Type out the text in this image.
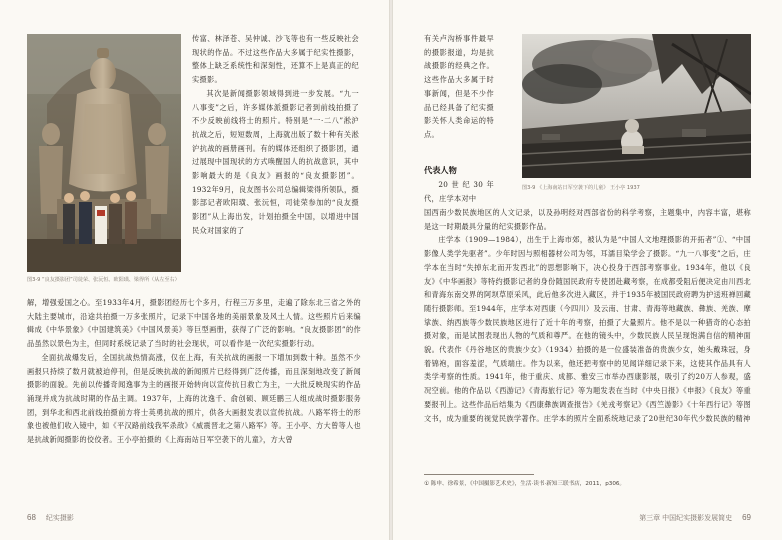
图3-9 “良友摄影团”司徒荣、张沅恒、欧阳璜、梁得所（从左至右）

传富、林泽苍、吴仲诚、沙飞等也有一些反映社会现状的作品。不过这些作品大多属于纪实性摄影，整体上缺乏系统性和深刻性，还算不上是真正的纪实摄影。

其次是新闻摄影领域得到进一步发展。“九一八事变”之后，许多媒体派摄影记者到前线拍摄了不少反映前线将士的照片。特别是“一·二八”淞沪抗战之后，短短数周，上海就出版了数十种有关淞沪抗战的画册画刊。有的媒体还组织了摄影团，通过展现中国现状的方式唤醒国人的抗战意识，其中影响最大的是《良友》画报的“良友摄影团”。1932年9月，良友图书公司总编辑梁得所领队，摄影部记者欧阳璜、张沅恒，司徒荣参加的“良友摄影团”从上海出发，计划拍摄全中国，以增进中国民众对国家的了

解，增强爱国之心。至1933年4月，摄影团经历七个多月，行程三万多里，走遍了除东北三省之外的大陆主要城市，沿途共拍摄一万多张照片，记录下中国各地的美丽景象及风土人情。这些照片后来编辑成《中华景象》《中国建筑美》《中国风景美》等巨型画册，获得了广泛的影响。“良友摄影团”的作品虽然以景色为主，但同时系统记录了当时的社会现状，可以看作是一次纪实摄影行动。

全面抗战爆发后，全国抗战热情高涨，仅在上海，有关抗战的画报一下增加到数十种。虽然不少画报只持续了数月就被迫停刊，但是反映抗战的新闻照片已经得到广泛传播，而且深刻地改变了新闻摄影的面貌。先前以传播奇闻逸事为主的画报开始转向以宣传抗日救亡为主，一大批反映现实的作品涌现并成为抗战时期的作品主调。1937年，上海的沈逸千、俞创硕、顾廷鹏三人组成战时摄影服务团，到华北和西北前线拍摄前方将士英勇抗战的照片，供各大画报发表以宣传抗战。八路军将士的形象也被他们收入镜中，如《平汉路前线我军杀敌》《威震晋北之第八路军》等。王小亭、方大曾等人也是抗战新闻摄影的佼佼者。王小亭拍摄的《上海南站日军空袭下的儿童》，方大曾

68 纪实摄影

有关卢沟桥事件最早的摄影报道，均是抗战摄影的经典之作。这些作品大多属于时事新闻，但是不少作品已经具备了纪实摄影关怀人类命运的特点。

代表人物

20世纪30年代，庄学本对中

图3-9 《上海南站日军空袭下的儿童》 王小亭 1937

国西南少数民族地区的人文记录，以及孙明经对西部省份的科学考察，主题集中，内容丰富，堪称是这一时期最具分量的纪实摄影作品。

庄学本（1909—1984），出生于上海市郊，被认为是“中国人文地理摄影的开拓者”①、“中国影像人类学先驱者”。少年时因与照相器材公司为邻，耳濡目染学会了摄影。“九一八事变”之后，庄学本在当时“失掉东北而开发西北”的思想影响下，决心投身于西部考察事业。1934年，他以《良友》《中华画报》等特约摄影记者的身份随国民政府专使团赴藏考察，在成都受阻后便决定由川西北和青海东南交界的阿坝草原采风，此后他多次进入藏区，并于1935年被国民政府聘为护送班禅回藏随行摄影师。至1944年，庄学本对西康（今四川）及云南、甘肃、青海等地藏族、彝族、羌族、摩挲族、纳西族等少数民族地区进行了近十年的考察，拍摄了大量照片。他不是以一种猎奇的心态拍摄对象，而是试图表现出人物的气质和尊严。在他的镜头中，少数民族人民呈现饱满自信的精神面貌。代表作《丹谷地区的贵族少女》（1934）拍摄的是一位盛装准备的贵族少女，她头戴珠冠，身着锦袍，面容羞涩，气质端庄。作为以来，他还把考察中的见闻详细记录下来，这使其作品具有人类学考察的性质。1941年，他于重庆、成都、雅安三市举办西康影展，吸引了约20万人参观，盛况空前。他的作品以《西游记》《青海旅行记》等为题发表在当时《中央日报》《申报》《良友》等重要报刊上。这些作品后结集为《西康彝族调查报告》《羌戎考察记》《西竺游影》《十年西行记》等图文书，成为重要的视觉民族学著作。庄学本的照片全面系统地记录了20世纪30年代少数民族的精神

① 陈申、徐希景，《中国摄影艺术史》，生活·读书·新知三联书店，2011，p306。
第三章 中国纪实摄影发展简史 69
